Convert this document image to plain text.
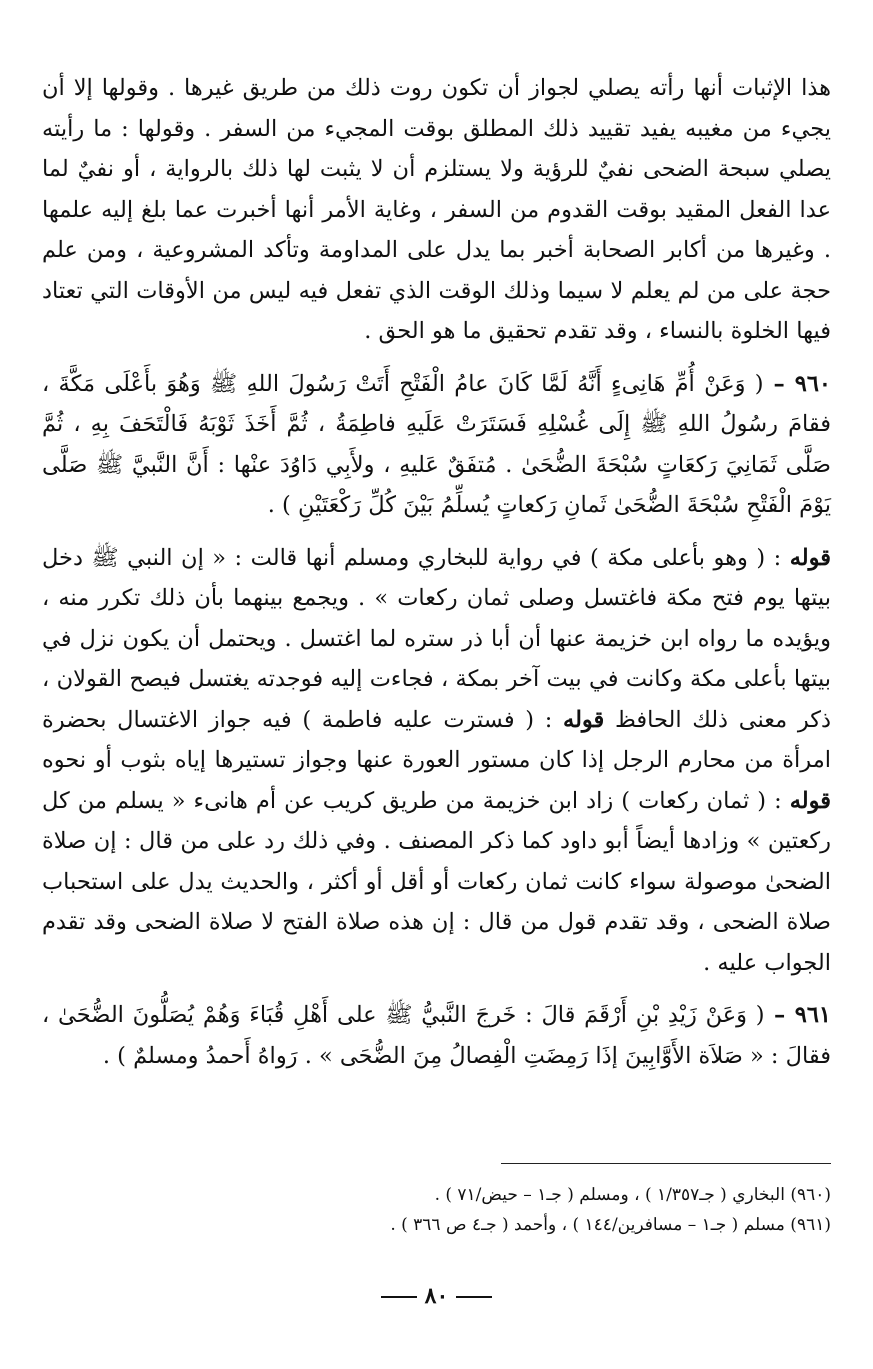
هذا الإثبات أنها رأته يصلي لجواز أن تكون روت ذلك من طريق غيرها . وقولها إلا أن يجيء من مغيبه يفيد تقييد ذلك المطلق بوقت المجيء من السفر . وقولها : ما رأيته يصلي سبحة الضحى نفيٌ للرؤية ولا يستلزم أن لا يثبت لها ذلك بالرواية ، أو نفيٌ لما عدا الفعل المقيد بوقت القدوم من السفر ، وغاية الأمر أنها أخبرت عما بلغ إليه علمها . وغيرها من أكابر الصحابة أخبر بما يدل على المداومة وتأكد المشروعية ، ومن علم حجة على من لم يعلم لا سيما وذلك الوقت الذي تفعل فيه ليس من الأوقات التي تعتاد فيها الخلوة بالنساء ، وقد تقدم تحقيق ما هو الحق .

٩٦٠ – ( وَعَنْ أُمِّ هَانِىءٍ أَنَّهُ لَمَّا كَانَ عامُ الْفَتْحِ أَتَتْ رَسُولَ اللهِ ﷺ وَهُوَ بأَعْلَى مَكَّةَ ، فقامَ رسُولُ اللهِ ﷺ إِلَى غُسْلِهِ فَسَتَرَتْ عَلَيهِ فاطِمَةُ ، ثُمَّ أَخَذَ ثَوْبَهُ فَالْتَحَفَ بِهِ ، ثُمَّ صَلَّى ثَمَانِيَ رَكعَاتٍ سُبْحَةَ الضُّحَىٰ . مُتفَقٌ عَليهِ ، ولأَبِي دَاوُدَ عنْها : أَنَّ النَّبيَّ ﷺ صَلَّى يَوْمَ الْفَتْحِ سُبْحَةَ الضُّحَىٰ ثَمانِ رَكعاتٍ يُسلِّمُ بَيْنَ كُلِّ رَكْعَتَيْنِ ) .

قوله : ( وهو بأعلى مكة ) في رواية للبخاري ومسلم أنها قالت : « إن النبي ﷺ دخل بيتها يوم فتح مكة فاغتسل وصلى ثمان ركعات » . ويجمع بينهما بأن ذلك تكرر منه ، ويؤيده ما رواه ابن خزيمة عنها أن أبا ذر ستره لما اغتسل . ويحتمل أن يكون نزل في بيتها بأعلى مكة وكانت في بيت آخر بمكة ، فجاءت إليه فوجدته يغتسل فيصح القولان ، ذكر معنى ذلك الحافظ قوله : ( فسترت عليه فاطمة ) فيه جواز الاغتسال بحضرة امرأة من محارم الرجل إذا كان مستور العورة عنها وجواز تستيرها إياه بثوب أو نحوه قوله : ( ثمان ركعات ) زاد ابن خزيمة من طريق كريب عن أم هانىء « يسلم من كل ركعتين » وزادها أيضاً أبو داود كما ذكر المصنف . وفي ذلك رد على من قال : إن صلاة الضحىٰ موصولة سواء كانت ثمان ركعات أو أقل أو أكثر ، والحديث يدل على استحباب صلاة الضحى ، وقد تقدم قول من قال : إن هذه صلاة الفتح لا صلاة الضحى وقد تقدم الجواب عليه .

٩٦١ – ( وَعَنْ زَيْدِ بْنِ أَرْقَمَ قالَ : خَرجَ النَّبيُّ ﷺ على أَهْلِ قُبَاءَ وَهُمْ يُصَلُّونَ الضُّحَىٰ ، فقالَ : « صَلاَة الأَوَّابِينَ إذَا رَمِضَتِ الْفِصالُ مِنَ الضُّحَى » . رَواهُ أَحمدُ ومسلمٌ ) .

(٩٦٠) البخاري ( جـ١/٣٥٧ ) ، ومسلم ( جـ١ – حيض/٧١ ) .
(٩٦١) مسلم ( جـ١ – مسافرين/١٤٤ ) ، وأحمد ( جـ٤ ص ٣٦٦ ) .
٨٠
